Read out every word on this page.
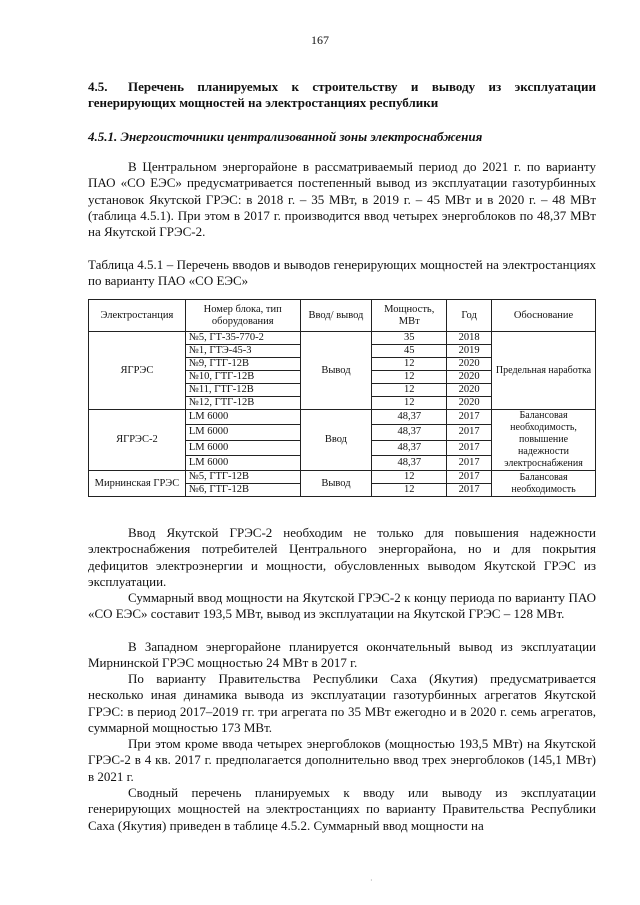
167
4.5. Перечень планируемых к строительству и выводу из эксплуатации генерирующих мощностей на электростанциях республики
4.5.1. Энергоисточники централизованной зоны электроснабжения
В Центральном энергорайоне в рассматриваемый период до 2021 г. по варианту ПАО «СО ЕЭС» предусматривается постепенный вывод из эксплуатации газотурбинных установок Якутской ГРЭС: в 2018 г. – 35 МВт, в 2019 г. – 45 МВт и в 2020 г. – 48 МВт (таблица 4.5.1). При этом в 2017 г. производится ввод четырех энергоблоков по 48,37 МВт на Якутской ГРЭС-2.
Таблица 4.5.1 – Перечень вводов и выводов генерирующих мощностей на электростанциях по варианту ПАО «СО ЕЭС»
Электростанция	Номер блока, тип оборудования	Ввод/ вывод	Мощность, МВт	Год	Обоснование
ЯГРЭС	№5, ГТ-35-770-2	Вывод	35	2018	Предельная наработка
	№1, ГТЭ-45-3		45	2019	
	№9, ГТГ-12В		12	2020	
	№10, ГТГ-12В		12	2020	
	№11, ГТГ-12В		12	2020	
	№12, ГТГ-12В		12	2020	
ЯГРЭС-2	LM 6000	Ввод	48,37	2017	Балансовая необходимость, повышение надежности электроснабжения
	LM 6000		48,37	2017	
	LM 6000		48,37	2017	
	LM 6000		48,37	2017	
Мирнинская ГРЭС	№5, ГТГ-12В	Вывод	12	2017	Балансовая необходимость
	№6, ГТГ-12В		12	2017	
Ввод Якутской ГРЭС-2 необходим не только для повышения надежности электроснабжения потребителей Центрального энергорайона, но и для покрытия дефицитов электроэнергии и мощности, обусловленных выводом Якутской ГРЭС из эксплуатации.
Суммарный ввод мощности на Якутской ГРЭС-2 к концу периода по варианту ПАО «СО ЕЭС» составит 193,5 МВт, вывод из эксплуатации на Якутской ГРЭС – 128 МВт.
В Западном энергорайоне планируется окончательный вывод из эксплуатации Мирнинской ГРЭС мощностью 24 МВт в 2017 г.
По варианту Правительства Республики Саха (Якутия) предусматривается несколько иная динамика вывода из эксплуатации газотурбинных агрегатов Якутской ГРЭС: в период 2017–2019 гг. три агрегата по 35 МВт ежегодно и в 2020 г. семь агрегатов, суммарной мощностью 173 МВт.
При этом кроме ввода четырех энергоблоков (мощностью 193,5 МВт) на Якутской ГРЭС-2 в 4 кв. 2017 г. предполагается дополнительно ввод трех энергоблоков (145,1 МВт) в 2021 г.
Сводный перечень планируемых к вводу или выводу из эксплуатации генерирующих мощностей на электростанциях по варианту Правительства Республики Саха (Якутия) приведен в таблице 4.5.2. Суммарный ввод мощности на
·
